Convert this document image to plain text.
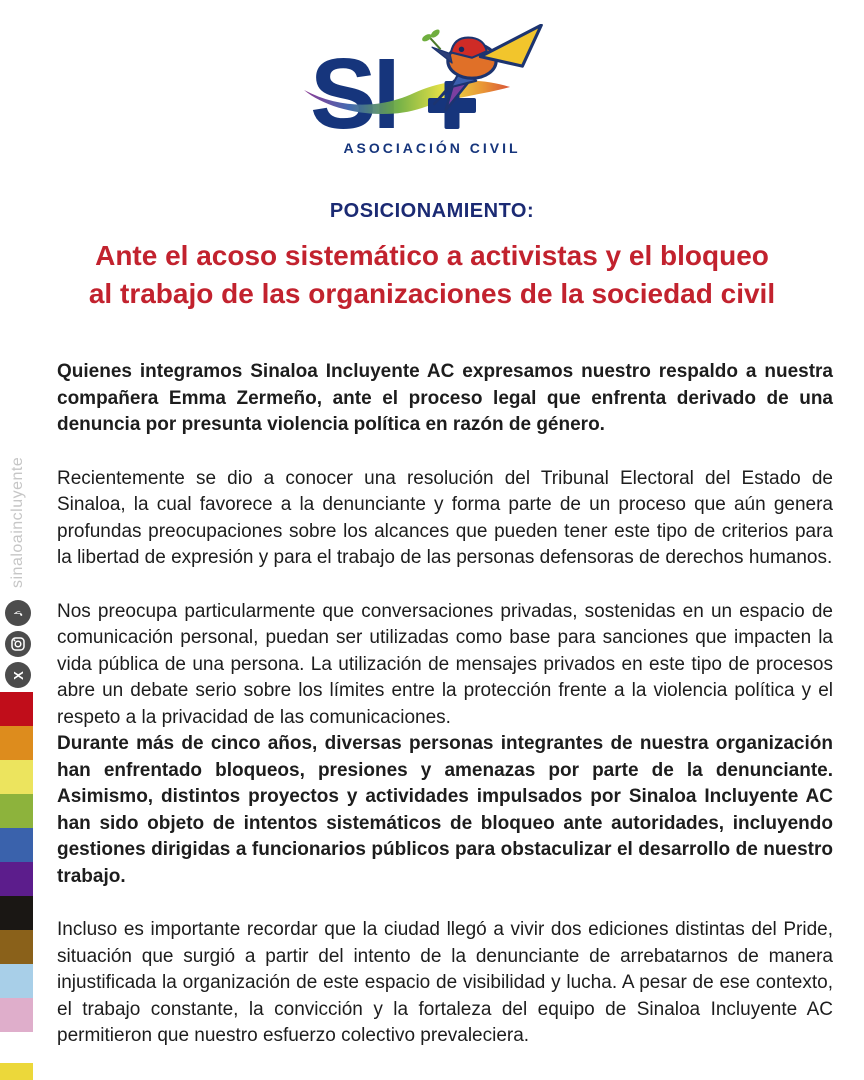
sinaloaincluyente
♪
X
SI
ASOCIACIÓN CIVIL
POSICIONAMIENTO:
Ante el acoso sistemático a activistas y el bloqueo
al trabajo de las organizaciones de la sociedad civil

Quienes integramos Sinaloa Incluyente AC expresamos nuestro respaldo a nuestra compañera Emma Zermeño, ante el proceso legal que enfrenta derivado de una denuncia por presunta violencia política en razón de género.

Recientemente se dio a conocer una resolución del Tribunal Electoral del Estado de Sinaloa, la cual favorece a la denunciante y forma parte de un proceso que aún genera profundas preocupaciones sobre los alcances que pueden tener este tipo de criterios para la libertad de expresión y para el trabajo de las personas defensoras de derechos humanos.

Nos preocupa particularmente que conversaciones privadas, sostenidas en un espacio de comunicación personal, puedan ser utilizadas como base para sanciones que impacten la vida pública de una persona. La utilización de mensajes privados en este tipo de procesos abre un debate serio sobre los límites entre la protección frente a la violencia política y el respeto a la privacidad de las comunicaciones.

Durante más de cinco años, diversas personas integrantes de nuestra organización han enfrentado bloqueos, presiones y amenazas por parte de la denunciante. Asimismo, distintos proyectos y actividades impulsados por Sinaloa Incluyente AC han sido objeto de intentos sistemáticos de bloqueo ante autoridades, incluyendo gestiones dirigidas a funcionarios públicos para obstaculizar el desarrollo de nuestro trabajo.

Incluso es importante recordar que la ciudad llegó a vivir dos ediciones distintas del Pride, situación que surgió a partir del intento de la denunciante de arrebatarnos de manera injustificada la organización de este espacio de visibilidad y lucha. A pesar de ese contexto, el trabajo constante, la convicción y la fortaleza del equipo de Sinaloa Incluyente AC permitieron que nuestro esfuerzo colectivo prevaleciera.
